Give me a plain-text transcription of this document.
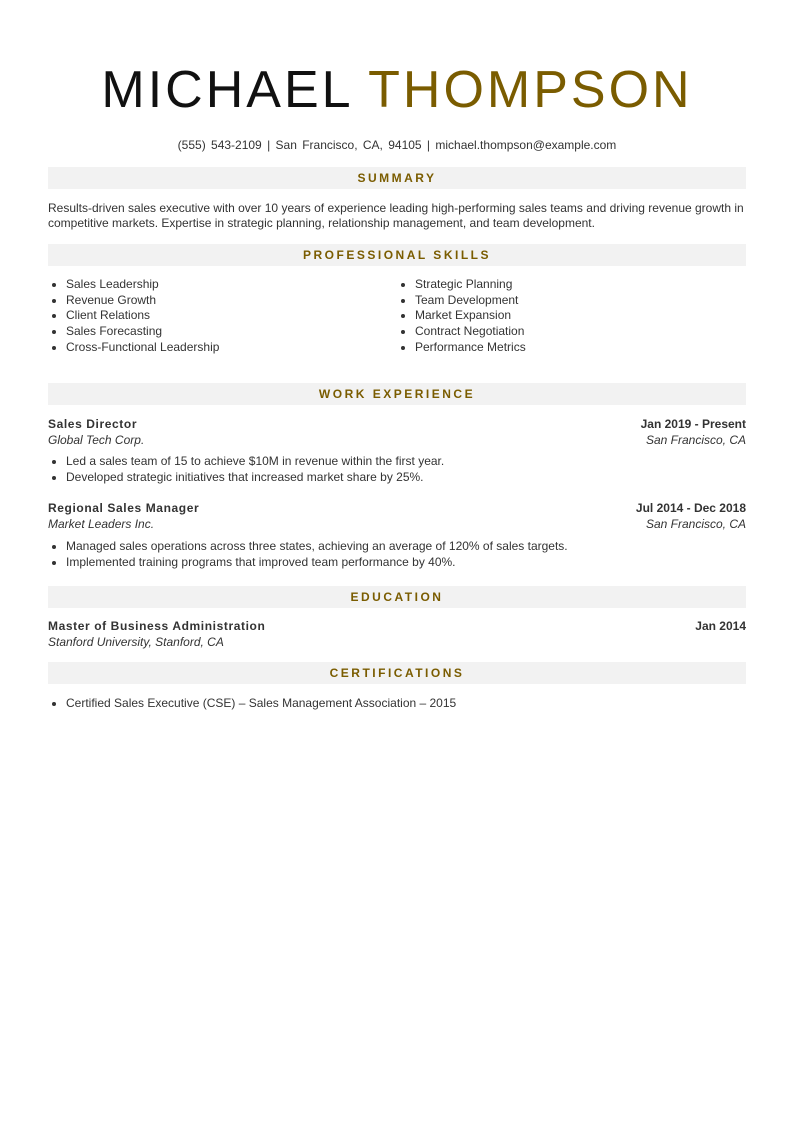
MICHAEL THOMPSON
(555) 543-2109 | San Francisco, CA, 94105 | michael.thompson@example.com
SUMMARY

Results-driven sales executive with over 10 years of experience leading high-performing sales teams and driving revenue growth in competitive markets. Expertise in strategic planning, relationship management, and team development.

PROFESSIONAL SKILLS
Sales Leadership
Revenue Growth
Client Relations
Sales Forecasting
Cross-Functional Leadership
Strategic Planning
Team Development
Market Expansion
Contract Negotiation
Performance Metrics
WORK EXPERIENCE
Sales Director	Jan 2019 - Present
Global Tech Corp.	San Francisco, CA
Led a sales team of 15 to achieve $10M in revenue within the first year.
Developed strategic initiatives that increased market share by 25%.
Regional Sales Manager	Jul 2014 - Dec 2018
Market Leaders Inc.	San Francisco, CA
Managed sales operations across three states, achieving an average of 120% of sales targets.
Implemented training programs that improved team performance by 40%.
EDUCATION
Master of Business Administration	Jan 2014
Stanford University, Stanford, CA
CERTIFICATIONS
Certified Sales Executive (CSE) – Sales Management Association – 2015
